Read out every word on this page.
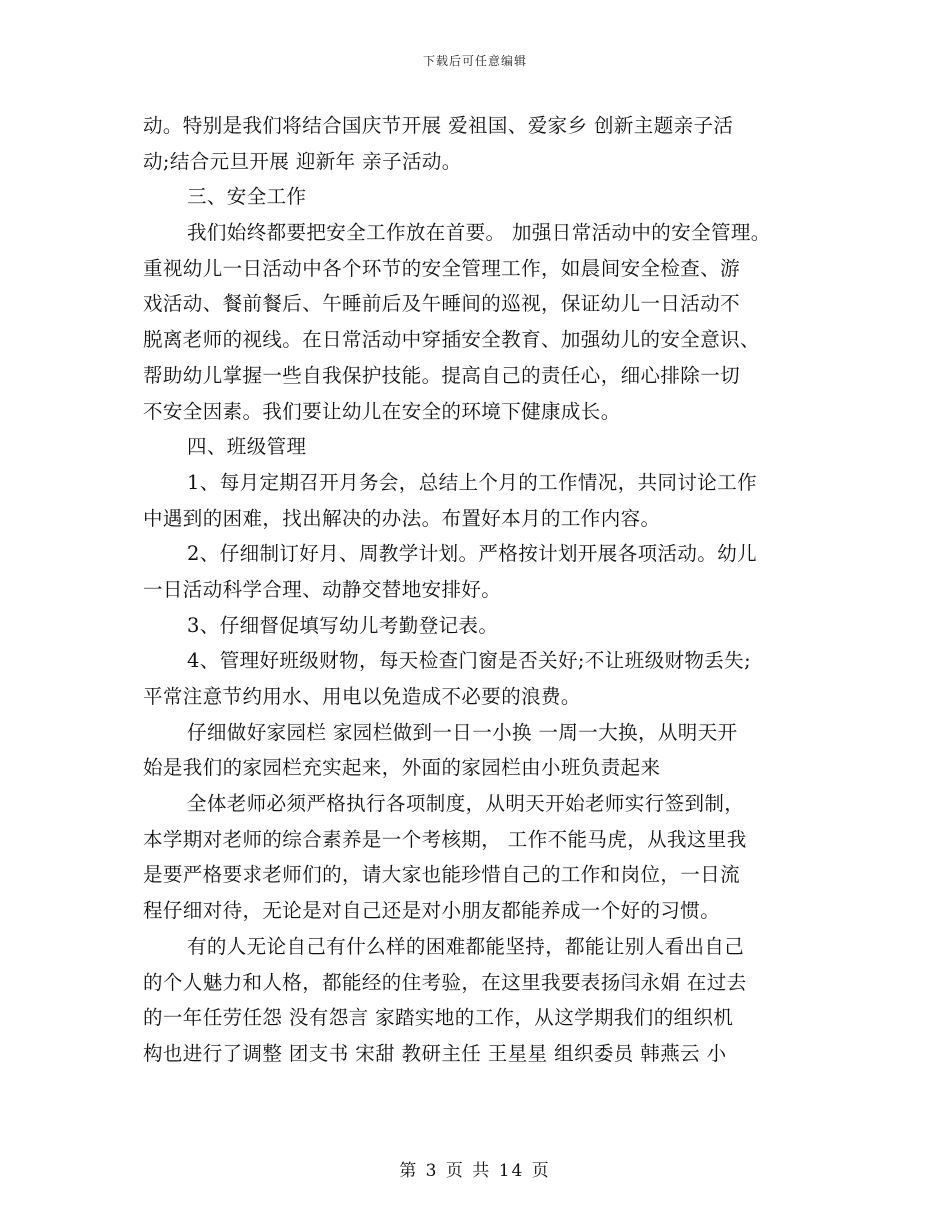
下载后可任意编辑
动。特别是我们将结合国庆节开展 爱祖国、爱家乡 创新主题亲子活
动;结合元旦开展 迎新年 亲子活动。
三、安全工作
我们始终都要把安全工作放在首要。 加强日常活动中的安全管理。
重视幼儿一日活动中各个环节的安全管理工作，如晨间安全检查、游
戏活动、餐前餐后、午睡前后及午睡间的巡视，保证幼儿一日活动不
脱离老师的视线。在日常活动中穿插安全教育、加强幼儿的安全意识、
帮助幼儿掌握一些自我保护技能。提高自己的责任心，细心排除一切
不安全因素。我们要让幼儿在安全的环境下健康成长。
四、班级管理
1、每月定期召开月务会，总结上个月的工作情况，共同讨论工作
中遇到的困难，找出解决的办法。布置好本月的工作内容。
2、仔细制订好月、周教学计划。严格按计划开展各项活动。幼儿
一日活动科学合理、动静交替地安排好。
3、仔细督促填写幼儿考勤登记表。
4、管理好班级财物，每天检查门窗是否关好;不让班级财物丢失;
平常注意节约用水、用电以免造成不必要的浪费。
仔细做好家园栏 家园栏做到一日一小换 一周一大换，从明天开
始是我们的家园栏充实起来，外面的家园栏由小班负责起来
全体老师必须严格执行各项制度，从明天开始老师实行签到制，
本学期对老师的综合素养是一个考核期， 工作不能马虎，从我这里我
是要严格要求老师们的，请大家也能珍惜自己的工作和岗位，一日流
程仔细对待，无论是对自己还是对小朋友都能养成一个好的习惯。
有的人无论自己有什么样的困难都能坚持，都能让别人看出自己
的个人魅力和人格，都能经的住考验，在这里我要表扬闫永娟 在过去
的一年任劳任怨 没有怨言 家踏实地的工作，从这学期我们的组织机
构也进行了调整 团支书 宋甜 教研主任 王星星 组织委员 韩燕云 小
第 3 页 共 14 页
